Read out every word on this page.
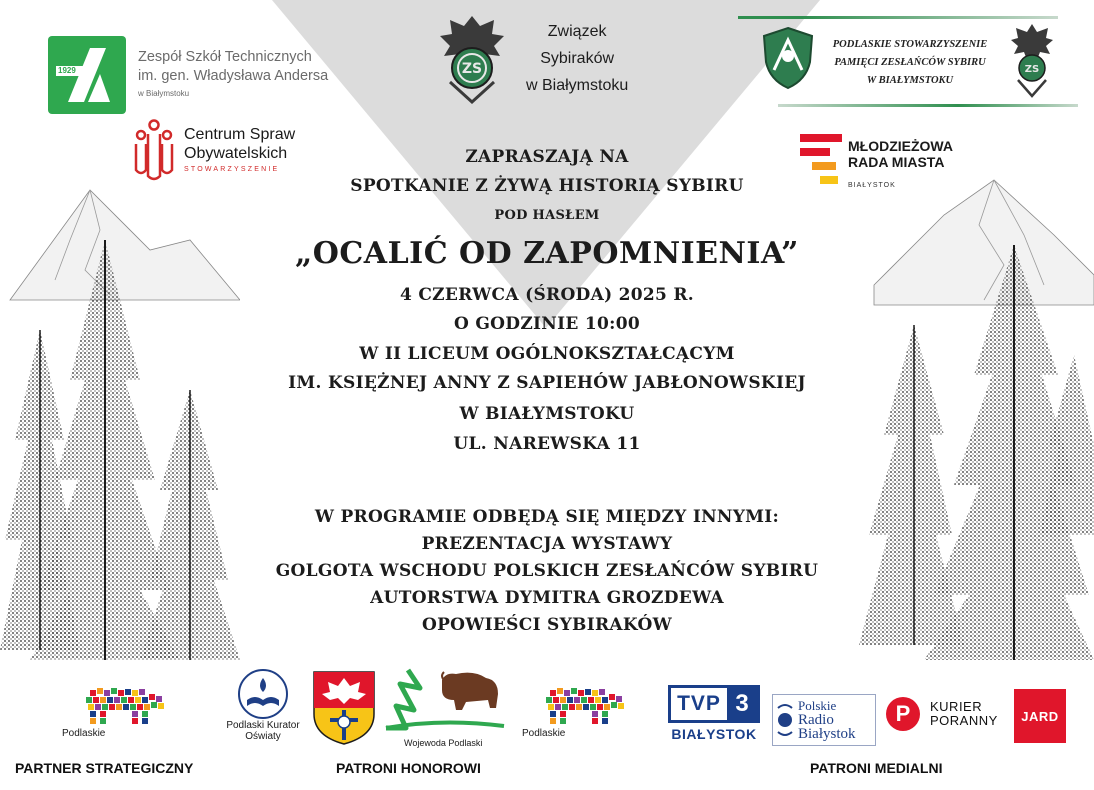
1929
Zespół Szkół Technicznych
im. gen. Władysława Andersa
w Białymstoku
ZS
Związek
Sybiraków
w Białymstoku
PODLASKIE STOWARZYSZENIE
PAMIĘCI ZESŁAŃCÓW SYBIRU
W BIAŁYMSTOKU
ZS
Centrum Spraw
Obywatelskich
STOWARZYSZENIE
MŁODZIEŻOWA
RADA MIASTA
BIAŁYSTOK
ZAPRASZAJĄ NA
SPOTKANIE Z ŻYWĄ HISTORIĄ SYBIRU
POD HASŁEM
„OCALIĆ OD ZAPOMNIENIA”
4 CZERWCA (ŚRODA) 2025 R.
O GODZINIE 10:00
W II LICEUM OGÓLNOKSZTAŁCĄCYM
IM. KSIĘŻNEJ ANNY Z SAPIEHÓW JABŁONOWSKIEJ
W BIAŁYMSTOKU
UL. NAREWSKA 11
W PROGRAMIE ODBĘDĄ SIĘ MIĘDZY INNYMI:
PREZENTACJA WYSTAWY
GOLGOTA WSCHODU POLSKICH ZESŁAŃCÓW SYBIRU
AUTORSTWA DYMITRA GROZDEWA
OPOWIEŚCI SYBIRAKÓW
Podlaskie
Podlaski Kurator
Oświaty
Wojewoda Podlaski
Podlaskie
TVP 3
BIAŁYSTOK
Polskie
Radio
Białystok
P	KURIER
PORANNY	JARD
PARTNER STRATEGICZNY	PATRONI HONOROWI	PATRONI MEDIALNI
